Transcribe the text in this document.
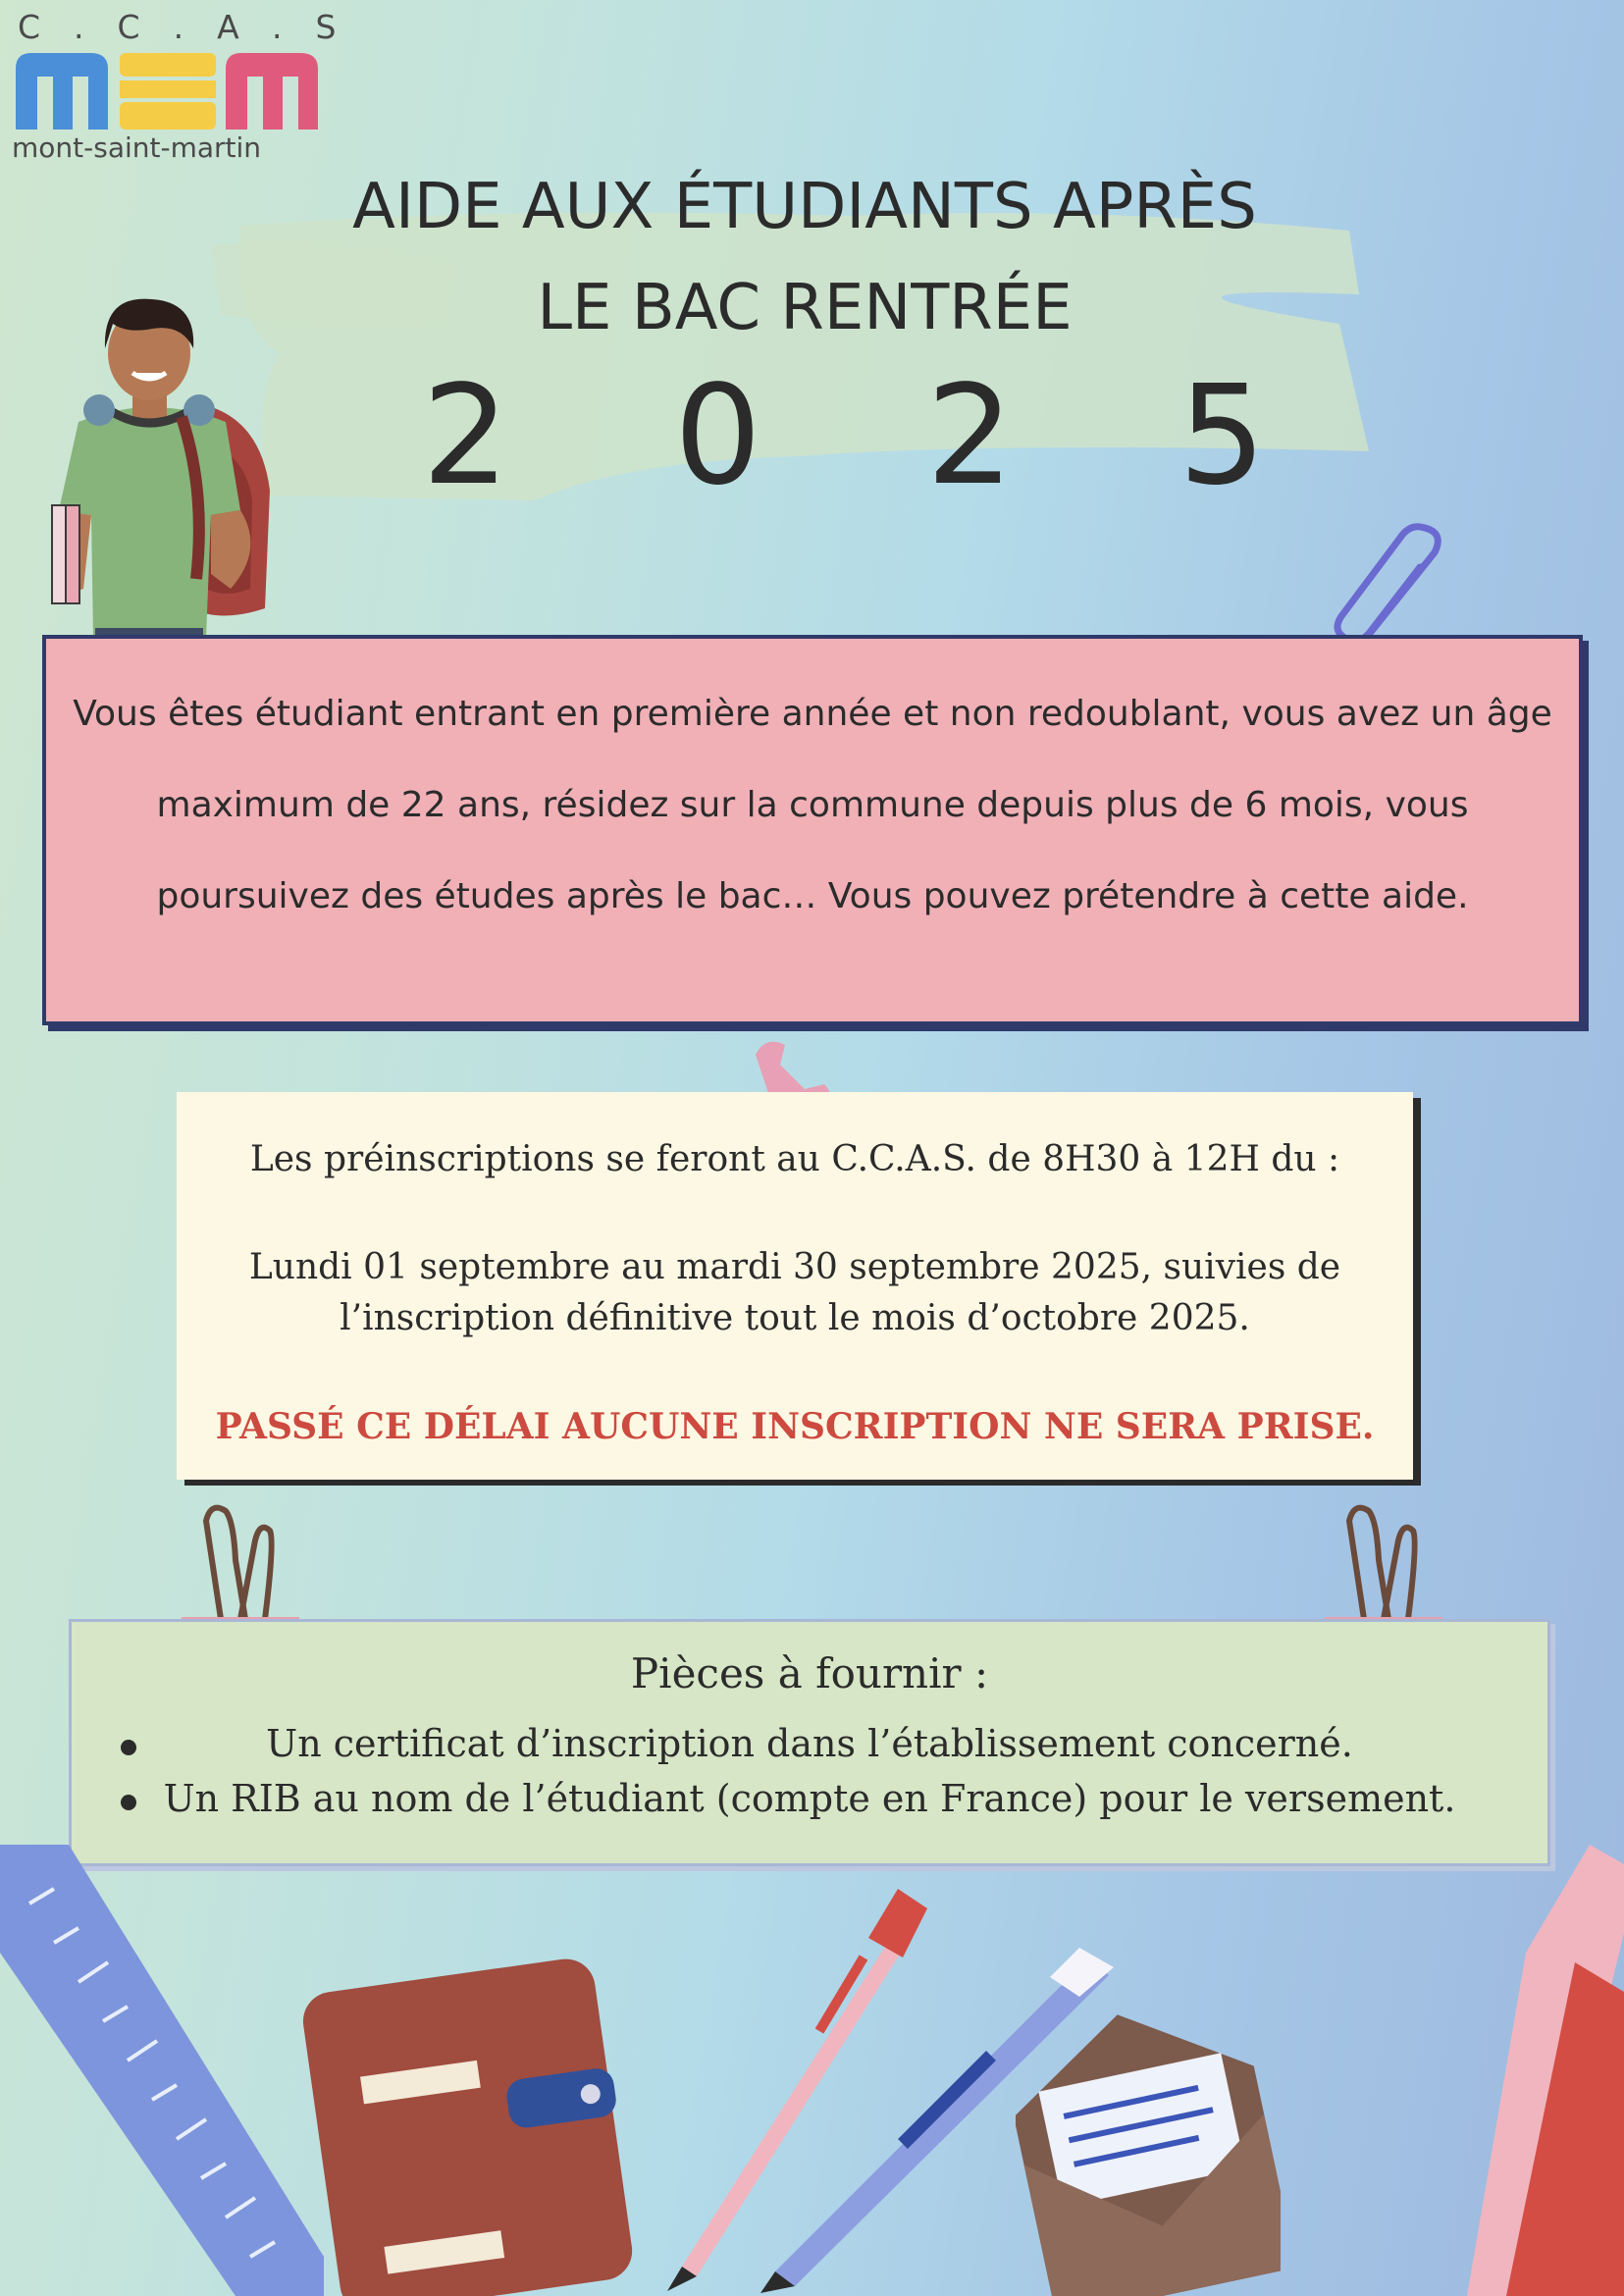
C.C.A.S
mont-saint-martin
AIDE AUX ÉTUDIANTS APRÈS
LE BAC RENTRÉE
2 0 2 5
Vous êtes étudiant entrant en première année et non redoublant, vous avez un âge maximum de 22 ans, résidez sur la commune depuis plus de 6 mois, vous poursuivez des études après le bac… Vous pouvez prétendre à cette aide.
Les préinscriptions se feront au C.C.A.S. de 8H30 à 12H du :
Lundi 01 septembre au mardi 30 septembre 2025, suivies de l’inscription définitive tout le mois d’octobre 2025.
PASSÉ CE DÉLAI AUCUNE INSCRIPTION NE SERA PRISE.
Pièces à fournir :
Un certificat d’inscription dans l’établissement concerné.
Un RIB au nom de l’étudiant (compte en France) pour le versement.
